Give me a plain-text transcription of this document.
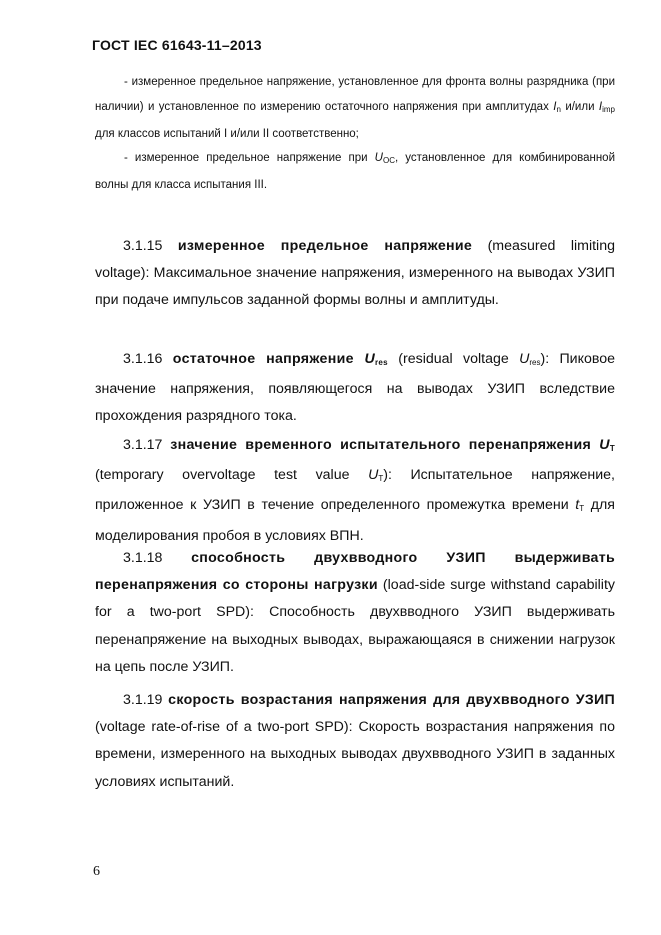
ГОСТ IEC 61643-11–2013

- измеренное предельное напряжение, установленное для фронта волны разрядника (при наличии) и установленное по измерению остаточного напряжения при амплитудах $I_n$ и/или $I_{imp}$ для классов испытаний I и/или II соответственно;

- измеренное предельное напряжение при $U_{OC}$, установленное для комбинированной волны для класса испытания III.

3.1.15 измеренное предельное напряжение (measured limiting voltage): Максимальное значение напряжения, измеренного на выводах УЗИП при подаче импульсов заданной формы волны и амплитуды.

3.1.16 остаточное напряжение $U_{res}$ (residual voltage $U_{res}$): Пиковое значение напряжения, появляющегося на выводах УЗИП вследствие прохождения разрядного тока.

3.1.17 значение временного испытательного перенапряжения $U_T$ (temporary overvoltage test value $U_T$): Испытательное напряжение, приложенное к УЗИП в течение определенного промежутка времени $t_T$ для моделирования пробоя в условиях ВПН.

3.1.18 способность двухвводного УЗИП выдерживать перенапряжения со стороны нагрузки (load-side surge withstand capability for a two-port SPD): Способность двухвводного УЗИП выдерживать перенапряжение на выходных выводах, выражающаяся в снижении нагрузок на цепь после УЗИП.

3.1.19 скорость возрастания напряжения для двухвводного УЗИП (voltage rate-of-rise of a two-port SPD): Скорость возрастания напряжения по времени, измеренного на выходных выводах двухвводного УЗИП в заданных условиях испытаний.

6
